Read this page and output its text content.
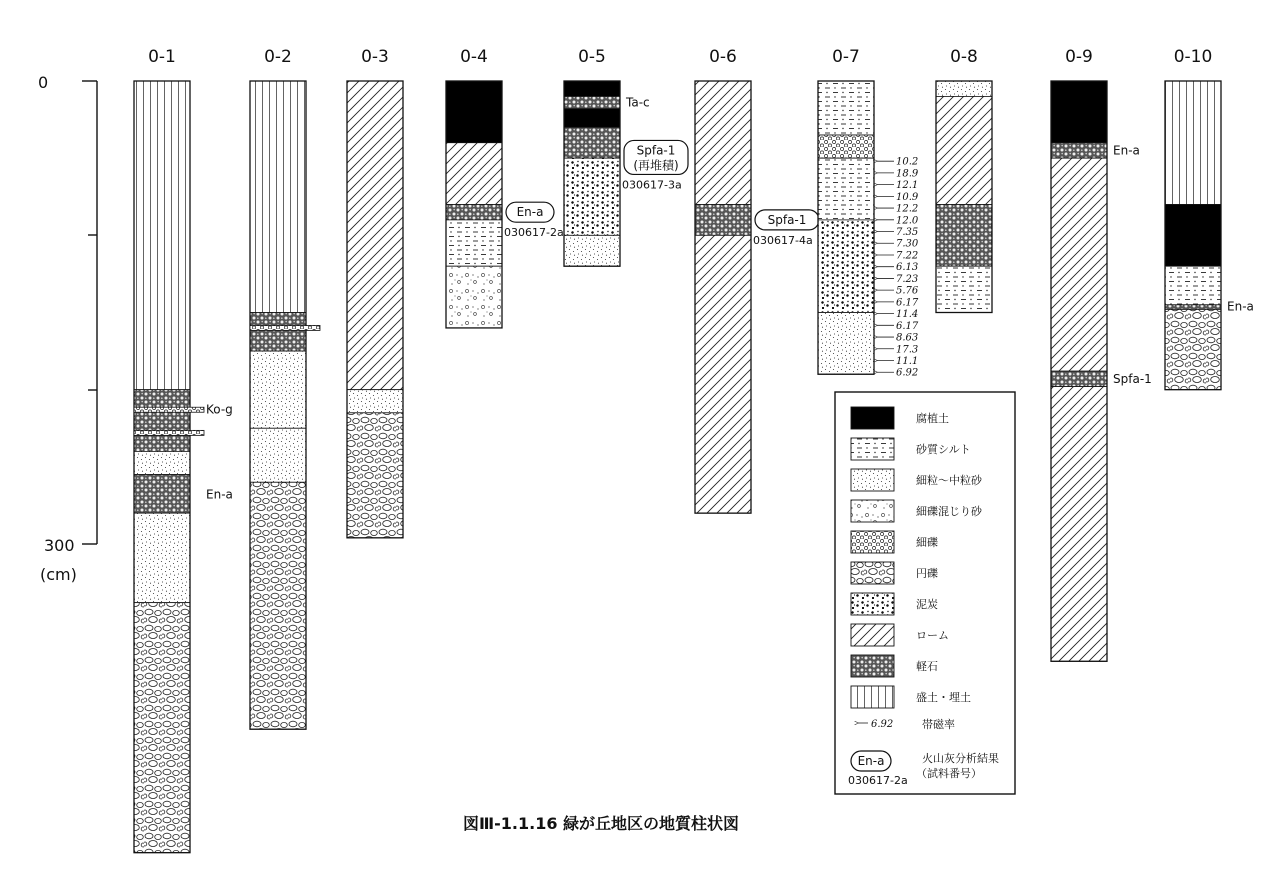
0
300
(cm)
0-1
Ko-g
En-a
0-2	0-3	0-4
En-a
030617-2a
0-5
Ta-c
Spfa-1
(再堆積)
030617-3a
0-6
Spfa-1
030617-4a
0-7
10.2
18.9
12.1
10.9
12.2
12.0
7.35
7.30
7.22
6.13
7.23
5.76
6.17
11.4
6.17
8.63
17.3
11.1
6.92
0-8	0-9
En-a
Spfa-1
0-10
En-a
腐植土
砂質シルト
細粒～中粒砂
細礫混じり砂
細礫
円礫
泥炭
ローム
軽石
盛土・埋土
6.92	帯磁率
En-a
030617-2a
火山灰分析結果
（試料番号）
図Ⅲ-1.1.16 緑が丘地区の地質柱状図
